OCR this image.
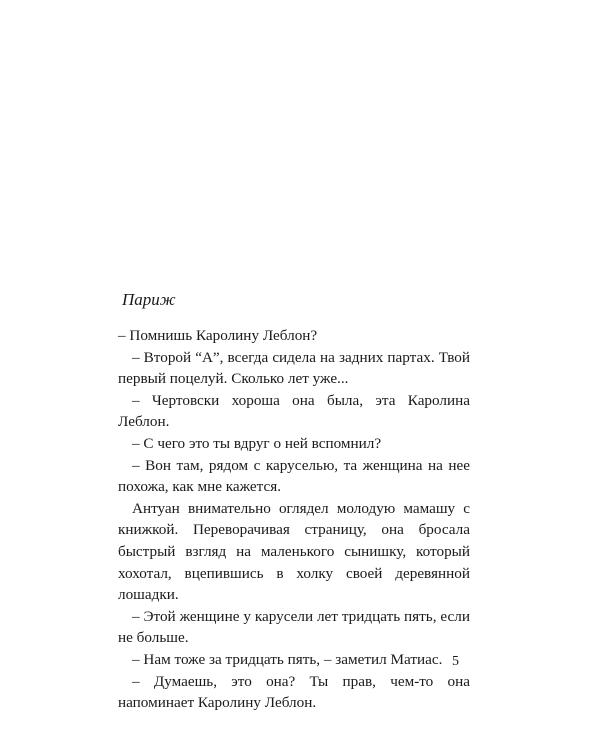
Париж

– Помнишь Каролину Леблон?

– Второй “А”, всегда сидела на задних партах. Твой первый поцелуй. Сколько лет уже...

– Чертовски хороша она была, эта Каролина Леблон.

– С чего это ты вдруг о ней вспомнил?

– Вон там, рядом с каруселью, та женщина на нее похожа, как мне кажется.

Антуан внимательно оглядел молодую мамашу с книжкой. Переворачивая страницу, она бросала быстрый взгляд на маленького сынишку, который хохотал, вцепившись в холку своей деревянной лошадки.

– Этой женщине у карусели лет тридцать пять, если не больше.

– Нам тоже за тридцать пять, – заметил Матиас.

– Думаешь, это она? Ты прав, чем-то она напоминает Каролину Леблон.

5
